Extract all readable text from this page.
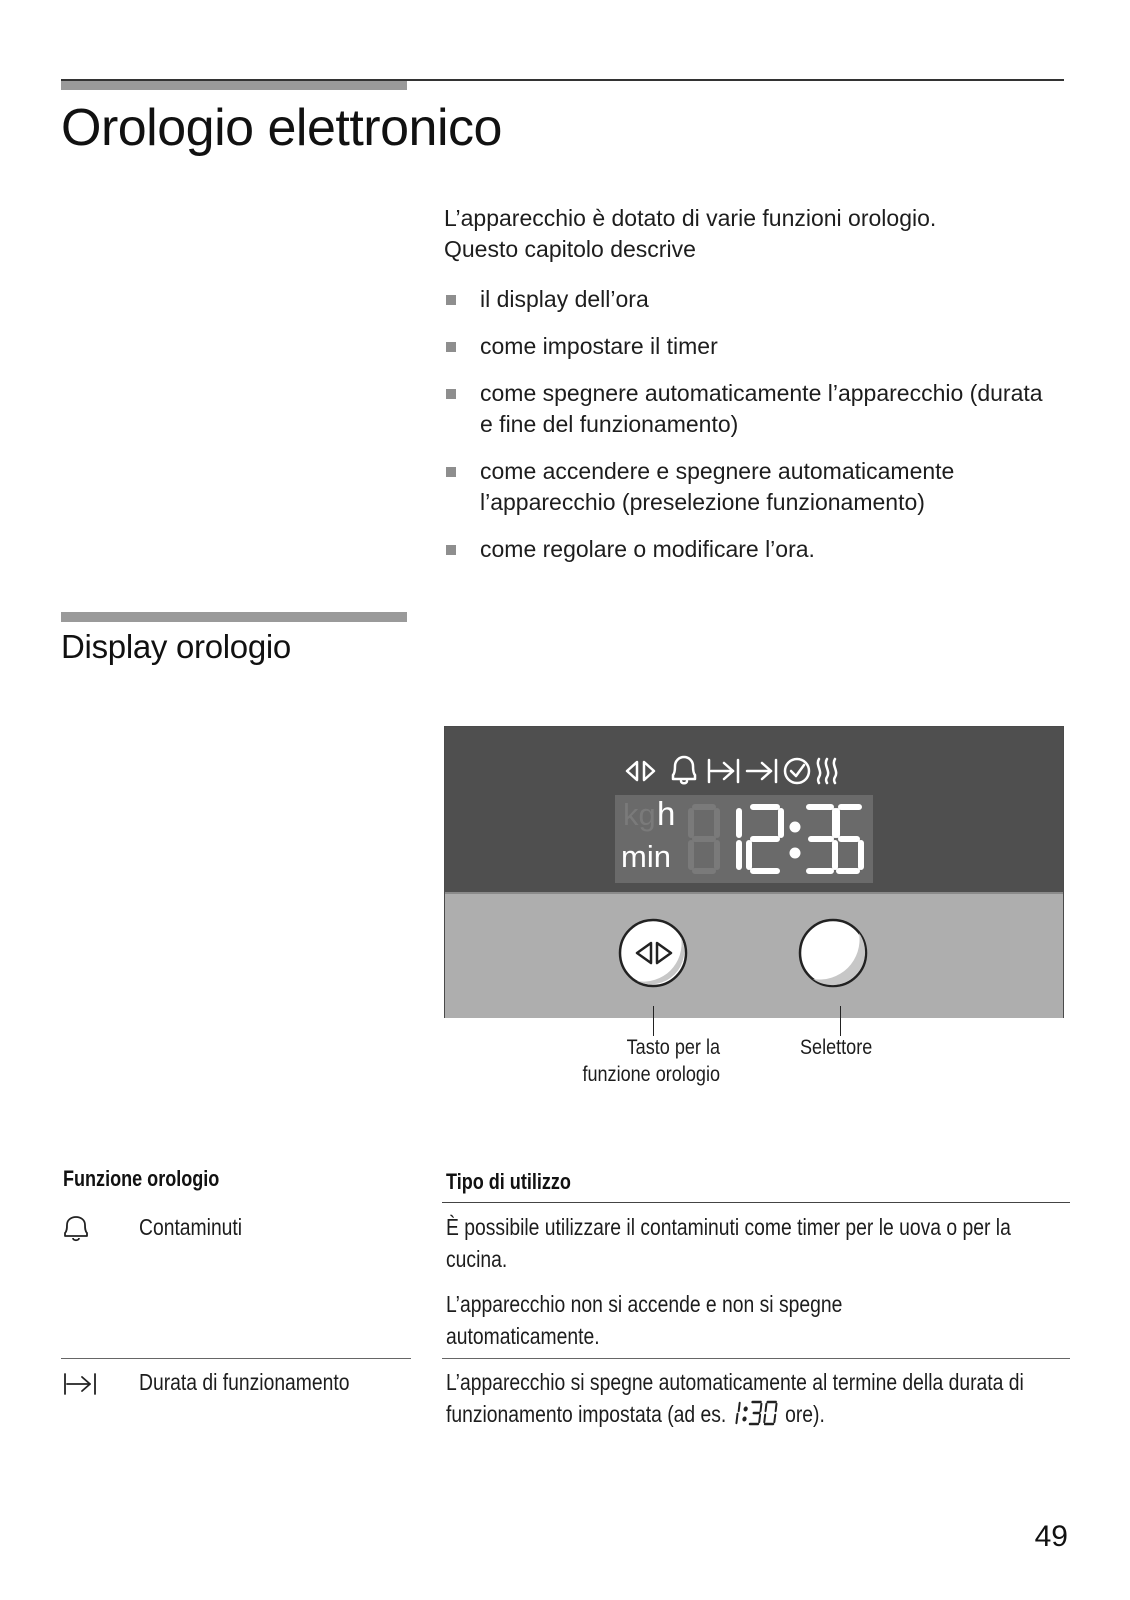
Orologio elettronico

L’apparecchio è dotato di varie funzioni orologio.

Questo capitolo descrive

il display dell’ora
come impostare il timer
come spegnere automaticamente l’apparecchio (durata e fine del funzionamento)
come accendere e spegnere automaticamente l’apparecchio (preselezione funzionamento)
come regolare o modificare l’ora.
Display orologio
kg h
min
Tasto per la
funzione orologio
Selettore
Funzione orologio	Tipo di utilizzo
Contaminuti	È possibile utilizzare il contaminuti come timer per le uova o per la cucina.
L’apparecchio non si accende e non si spegne automaticamente.
Durata di funzionamento	L’apparecchio si spegne automaticamente al termine della durata di funzionamento impostata (ad es.	ore).
49
